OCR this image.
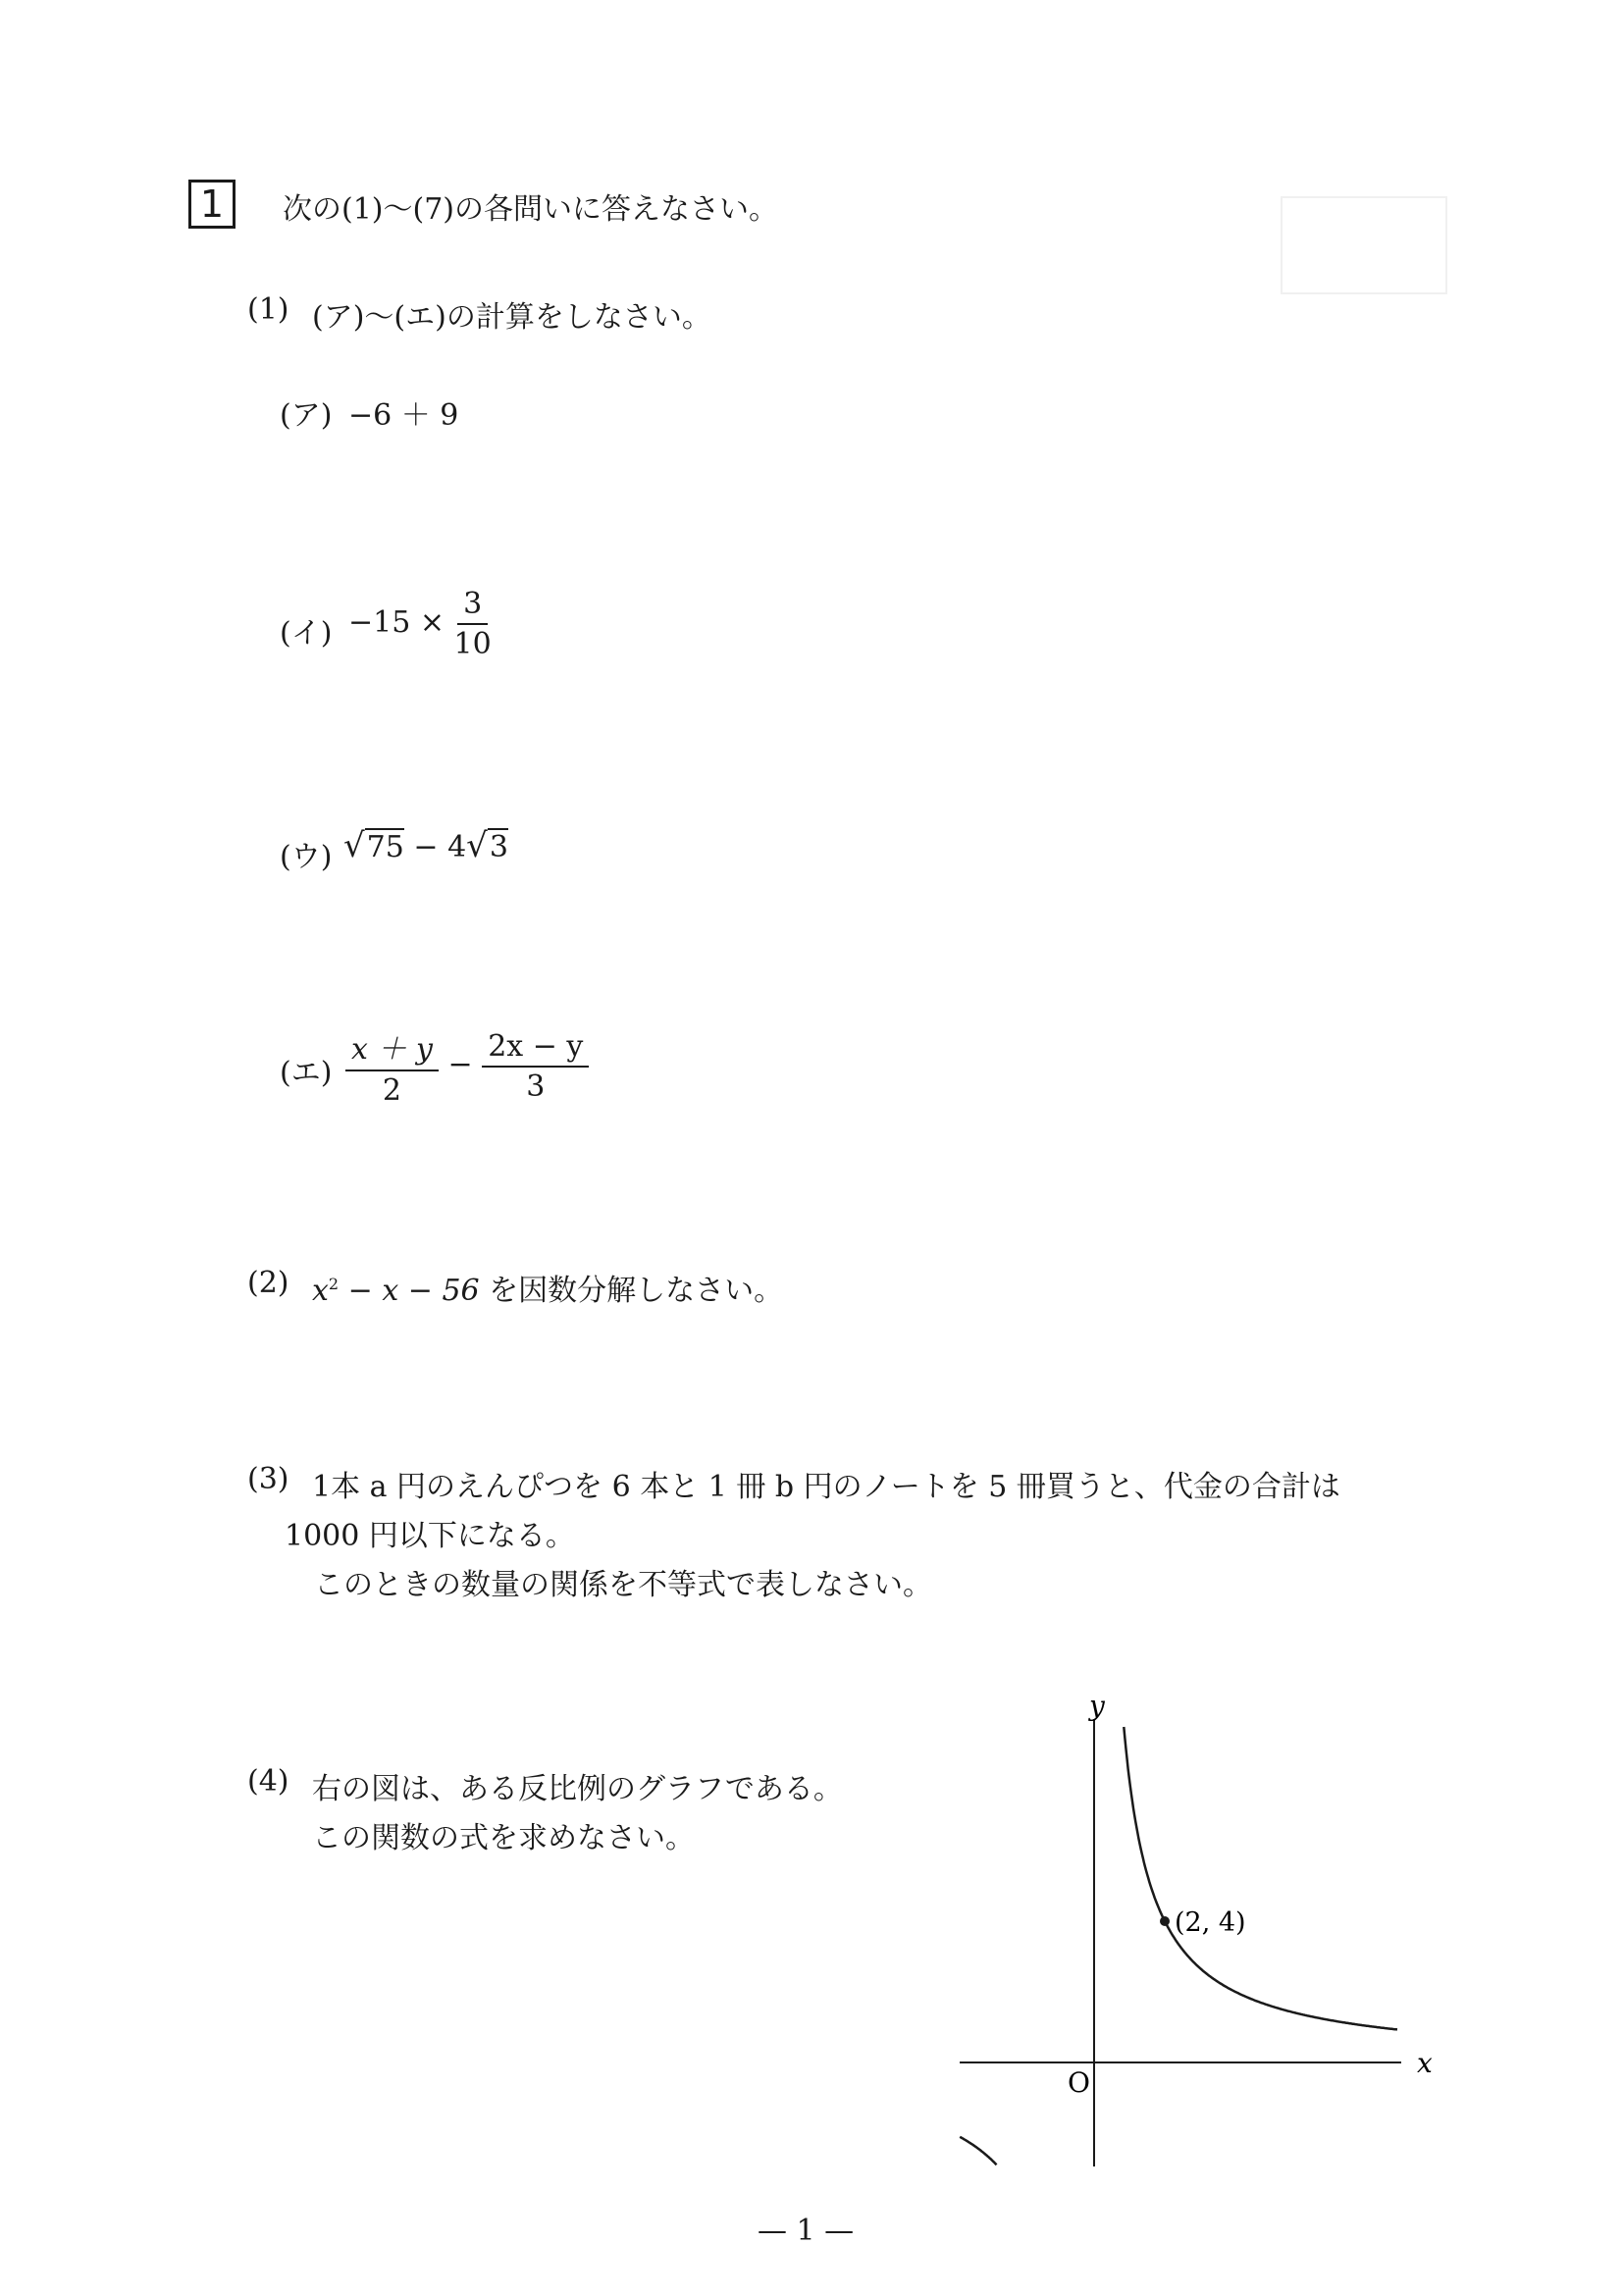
1	次の(1)〜(7)の各問いに答えなさい。
(1) (ア)〜(エ)の計算をしなさい。
(ア) −6 ＋ 9
(イ) $-15 \times \frac{3}{10}$
(ウ) √75 − 4√3
(エ) $\frac{x + y}{2} - \frac{2x - y}{3}$
(2) $x^2 - x - 56$ を因数分解しなさい。
(3) 1本 a 円のえんぴつを 6 本と 1 冊 b 円のノートを 5 冊買うと、代金の合計は
1000 円以下になる。
このときの数量の関係を不等式で表しなさい。
(4) 右の図は、ある反比例のグラフである。
この関数の式を求めなさい。
y
x
O
(2, 4)
— 1 —
